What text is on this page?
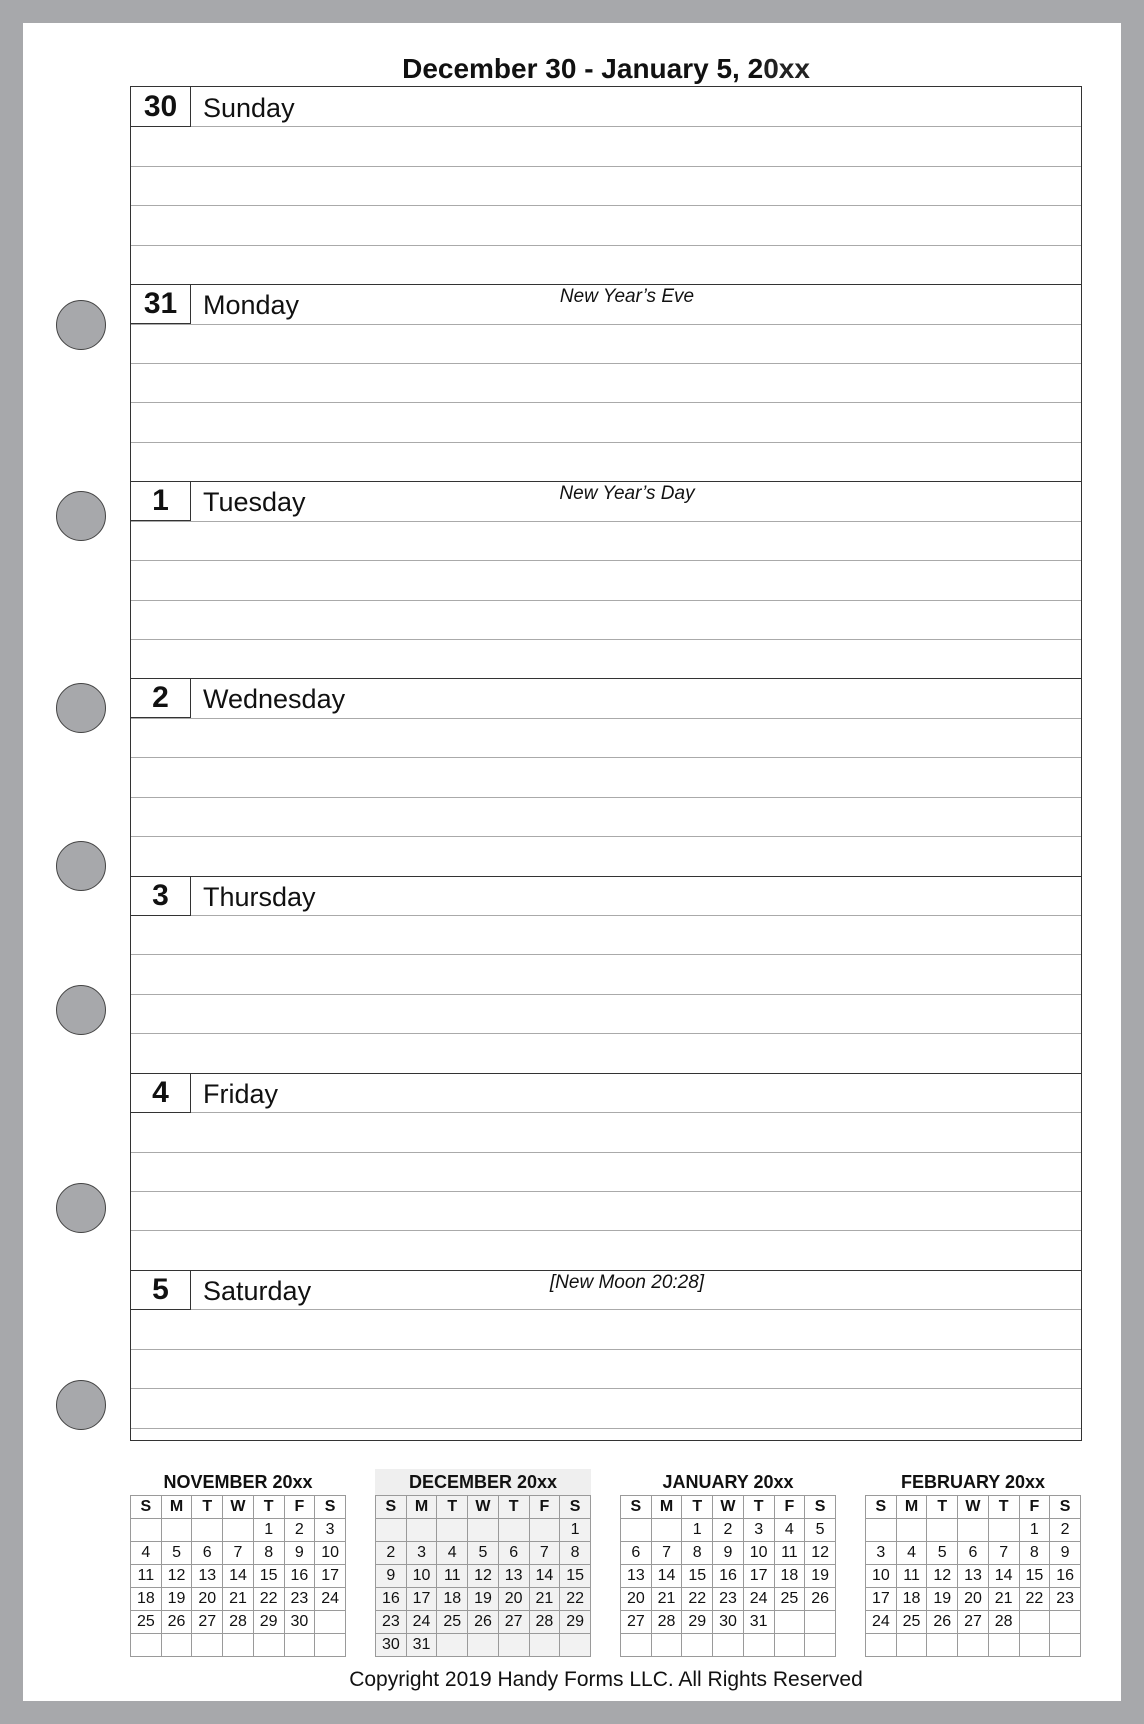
December 30 - January 5, 20xx
30 Sunday
31 Monday
1	Tuesday
2	Wednesday
3	Thursday
4	Friday
5	Saturday
NOVEMBER 20xx
S	M	T	W	T	F	S
				1	2	3
4	5	6	7	8	9	10
11	12	13	14	15	16	17
18	19	20	21	22	23	24
25	26	27	28	29	30	

DECEMBER 20xx
S	M	T	W	T	F	S
						1
2	3	4	5	6	7	8
9	10	11	12	13	14	15
16	17	18	19	20	21	22
23	24	25	26	27	28	29
30	31					
JANUARY 20xx
S	M	T	W	T	F	S
		1	2	3	4	5
6	7	8	9	10	11	12
13	14	15	16	17	18	19
20	21	22	23	24	25	26
27	28	29	30	31		

FEBRUARY 20xx
S	M	T	W	T	F	S
					1	2
3	4	5	6	7	8	9
10	11	12	13	14	15	16
17	18	19	20	21	22	23
24	25	26	27	28		

Copyright 2019 Handy Forms LLC. All Rights Reserved
New Year’s Eve
New Year’s Day
[New Moon 20:28]
